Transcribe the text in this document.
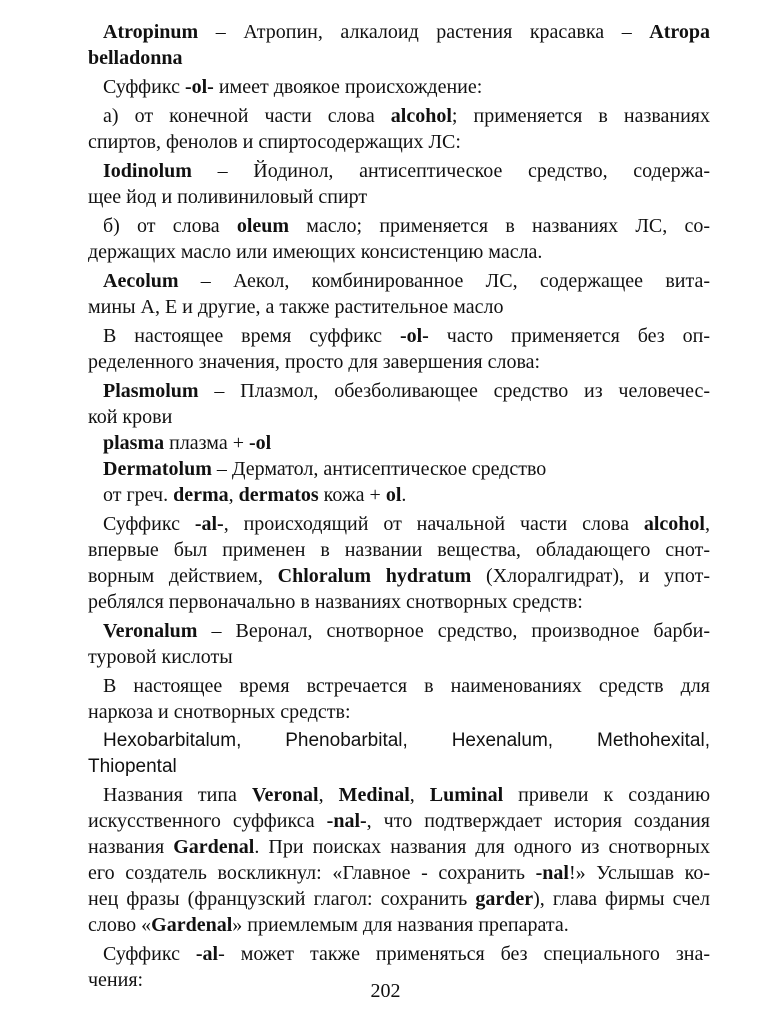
Atropinum – Атропин, алкалоид растения красавка – Atropa
belladonna
Суффикс -ol- имеет двоякое происхождение:
а) от конечной части слова alcohol; применяется в названиях
спиртов, фенолов и спиртосодержащих ЛС:
Iodinolum – Йодинол, антисептическое средство, содержа-
щее йод и поливиниловый спирт
б) от слова oleum масло; применяется в названиях ЛС, со-
держащих масло или имеющих консистенцию масла.
Aecolum – Аекол, комбинированное ЛС, содержащее вита-
мины А, Е и другие, а также растительное масло
В настоящее время суффикс -ol- часто применяется без оп-
ределенного значения, просто для завершения слова:
Plasmolum – Плазмол, обезболивающее средство из человечес-
кой крови
plasma плазма + -ol
Dermatolum – Дерматол, антисептическое средство
от греч. derma, dermatos кожа + ol.
Суффикс -al-, происходящий от начальной части слова alcohol,
впервые был применен в названии вещества, обладающего снот-
ворным действием, Chloralum hydratum (Хлоралгидрат), и упот-
реблялся первоначально в названиях снотворных средств:
Veronalum – Веронал, снотворное средство, производное барби-
туровой кислоты
В настоящее время встречается в наименованиях средств для
наркоза и снотворных средств:
Hexobarbitalum, Phenobarbital, Hexenalum, Methohexital,
Thiopental
Названия типа Veronal, Medinal, Luminal привели к созданию
искусственного суффикса -nal-, что подтверждает история создания
названия Gardenal. При поисках названия для одного из снотворных
его создатель воскликнул: «Главное - сохранить -nal!» Услышав ко-
нец фразы (французский глагол: сохранить garder), глава фирмы счел
слово «Gardenal» приемлемым для названия препарата.
Суффикс -al- может также применяться без специального зна-
чения:	202
